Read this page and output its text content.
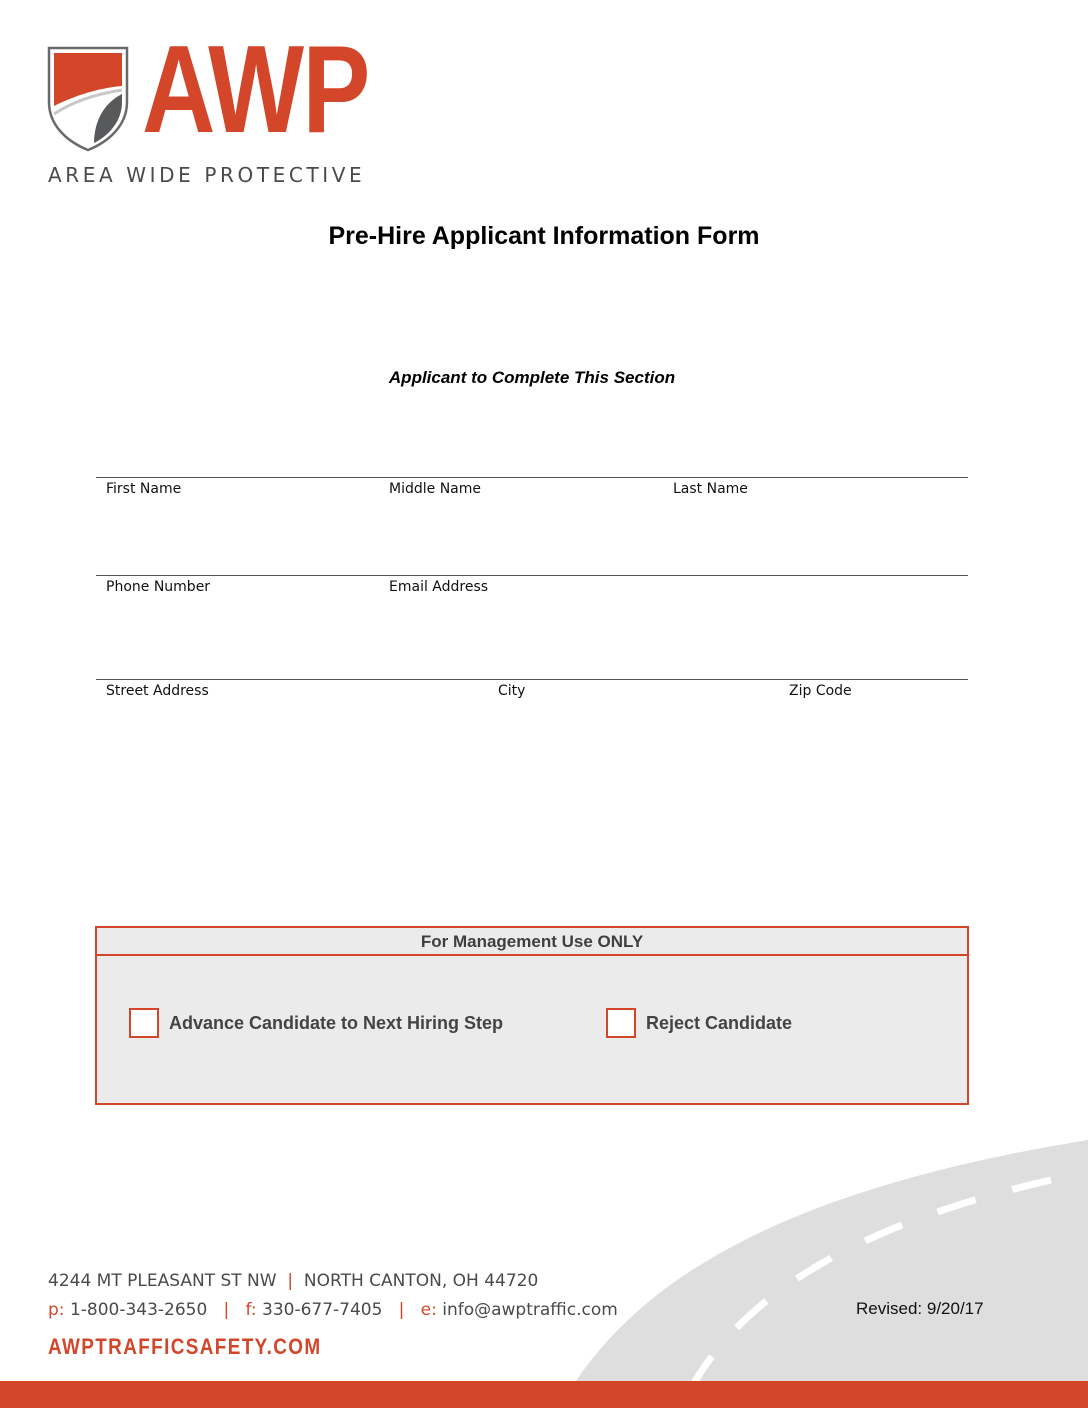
AWP
AREA WIDE PROTECTIVE
Pre-Hire Applicant Information Form
Applicant to Complete This Section
First Name	Middle Name	Last Name
Phone Number	Email Address
Street Address	City	Zip Code
For Management Use ONLY
Advance Candidate to Next Hiring Step	Reject Candidate
4244 MT PLEASANT ST NW | NORTH CANTON, OH 44720
p: 1-800-343-2650 | f: 330-677-7405 | e: info@awptraffic.com
AWPTRAFFICSAFETY.COM
Revised: 9/20/17
